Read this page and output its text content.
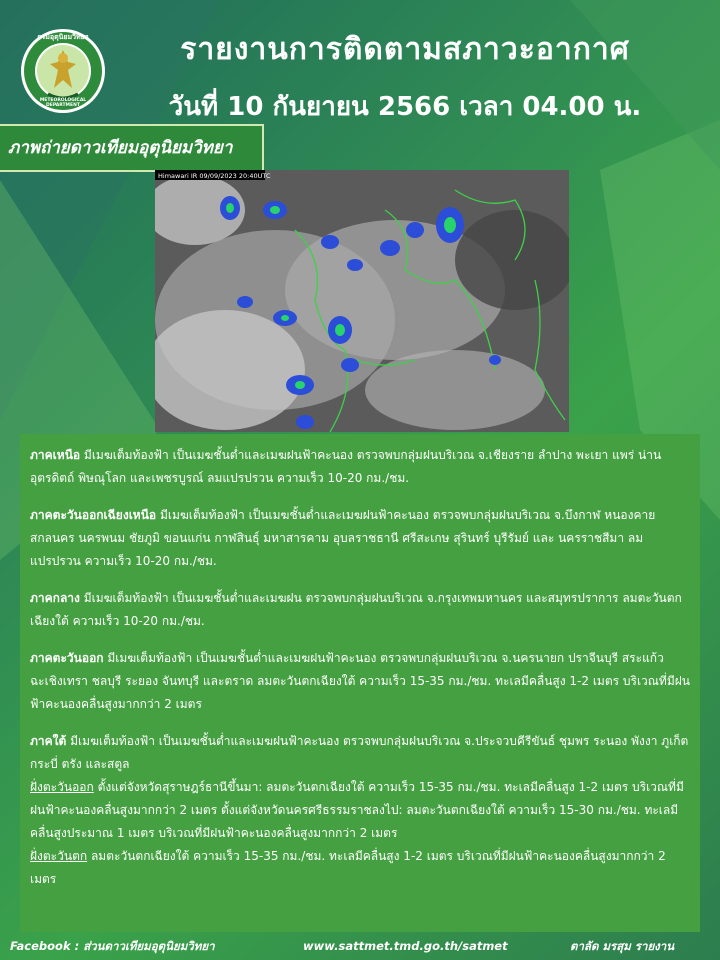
กรมอุตุนิยมวิทยา
METEOROLOGICAL DEPARTMENT
รายงานการติดตามสภาวะอากาศ
วันที่ 10 กันยายน 2566 เวลา 04.00 น.
ภาพถ่ายดาวเทียมอุตุนิยมวิทยา
Himawari IR 09/09/2023 20:40UTC
ภาคเหนือ มีเมฆเต็มท้องฟ้า เป็นเมฆชั้นต่ำและเมฆฝนฟ้าคะนอง ตรวจพบกลุ่มฝนบริเวณ จ.เชียงราย ลำปาง พะเยา แพร่ น่าน อุตรดิตถ์ พิษณุโลก และเพชรบูรณ์ ลมแปรปรวน ความเร็ว 10-20 กม./ชม.
ภาคตะวันออกเฉียงเหนือ มีเมฆเต็มท้องฟ้า เป็นเมฆชั้นต่ำและเมฆฝนฟ้าคะนอง ตรวจพบกลุ่มฝนบริเวณ จ.บึงกาฬ หนองคาย สกลนคร นครพนม ชัยภูมิ ขอนแก่น กาฬสินธุ์ มหาสารคาม อุบลราชธานี ศรีสะเกษ สุรินทร์ บุรีรัมย์ และ นครราชสีมา ลมแปรปรวน ความเร็ว 10-20 กม./ชม.
ภาคกลาง มีเมฆเต็มท้องฟ้า เป็นเมฆชั้นต่ำและเมฆฝน ตรวจพบกลุ่มฝนบริเวณ จ.กรุงเทพมหานคร และสมุทรปราการ ลมตะวันตกเฉียงใต้ ความเร็ว 10-20 กม./ชม.
ภาคตะวันออก มีเมฆเต็มท้องฟ้า เป็นเมฆชั้นต่ำและเมฆฝนฟ้าคะนอง ตรวจพบกลุ่มฝนบริเวณ จ.นครนายก ปราจีนบุรี สระแก้ว ฉะเชิงเทรา ชลบุรี ระยอง จันทบุรี และตราด ลมตะวันตกเฉียงใต้ ความเร็ว 15-35 กม./ชม. ทะเลมีคลื่นสูง 1-2 เมตร บริเวณที่มีฝนฟ้าคะนองคลื่นสูงมากกว่า 2 เมตร
ภาคใต้ มีเมฆเต็มท้องฟ้า เป็นเมฆชั้นต่ำและเมฆฝนฟ้าคะนอง ตรวจพบกลุ่มฝนบริเวณ จ.ประจวบคีรีขันธ์ ชุมพร ระนอง พังงา ภูเก็ต กระบี่ ตรัง และสตูล
ฝั่งตะวันออก ตั้งแต่จังหวัดสุราษฎร์ธานีขึ้นมา: ลมตะวันตกเฉียงใต้ ความเร็ว 15-35 กม./ชม. ทะเลมีคลื่นสูง 1-2 เมตร บริเวณที่มีฝนฟ้าคะนองคลื่นสูงมากกว่า 2 เมตร ตั้งแต่จังหวัดนครศรีธรรมราชลงไป: ลมตะวันตกเฉียงใต้ ความเร็ว 15-30 กม./ชม. ทะเลมีคลื่นสูงประมาณ 1 เมตร บริเวณที่มีฝนฟ้าคะนองคลื่นสูงมากกว่า 2 เมตร
ฝั่งตะวันตก ลมตะวันตกเฉียงใต้ ความเร็ว 15-35 กม./ชม. ทะเลมีคลื่นสูง 1-2 เมตร บริเวณที่มีฝนฟ้าคะนองคลื่นสูงมากกว่า 2 เมตร
Facebook : ส่วนดาวเทียมอุตุนิยมวิทยา	www.sattmet.tmd.go.th/satmet	ตาลัด มรสุม รายงาน
